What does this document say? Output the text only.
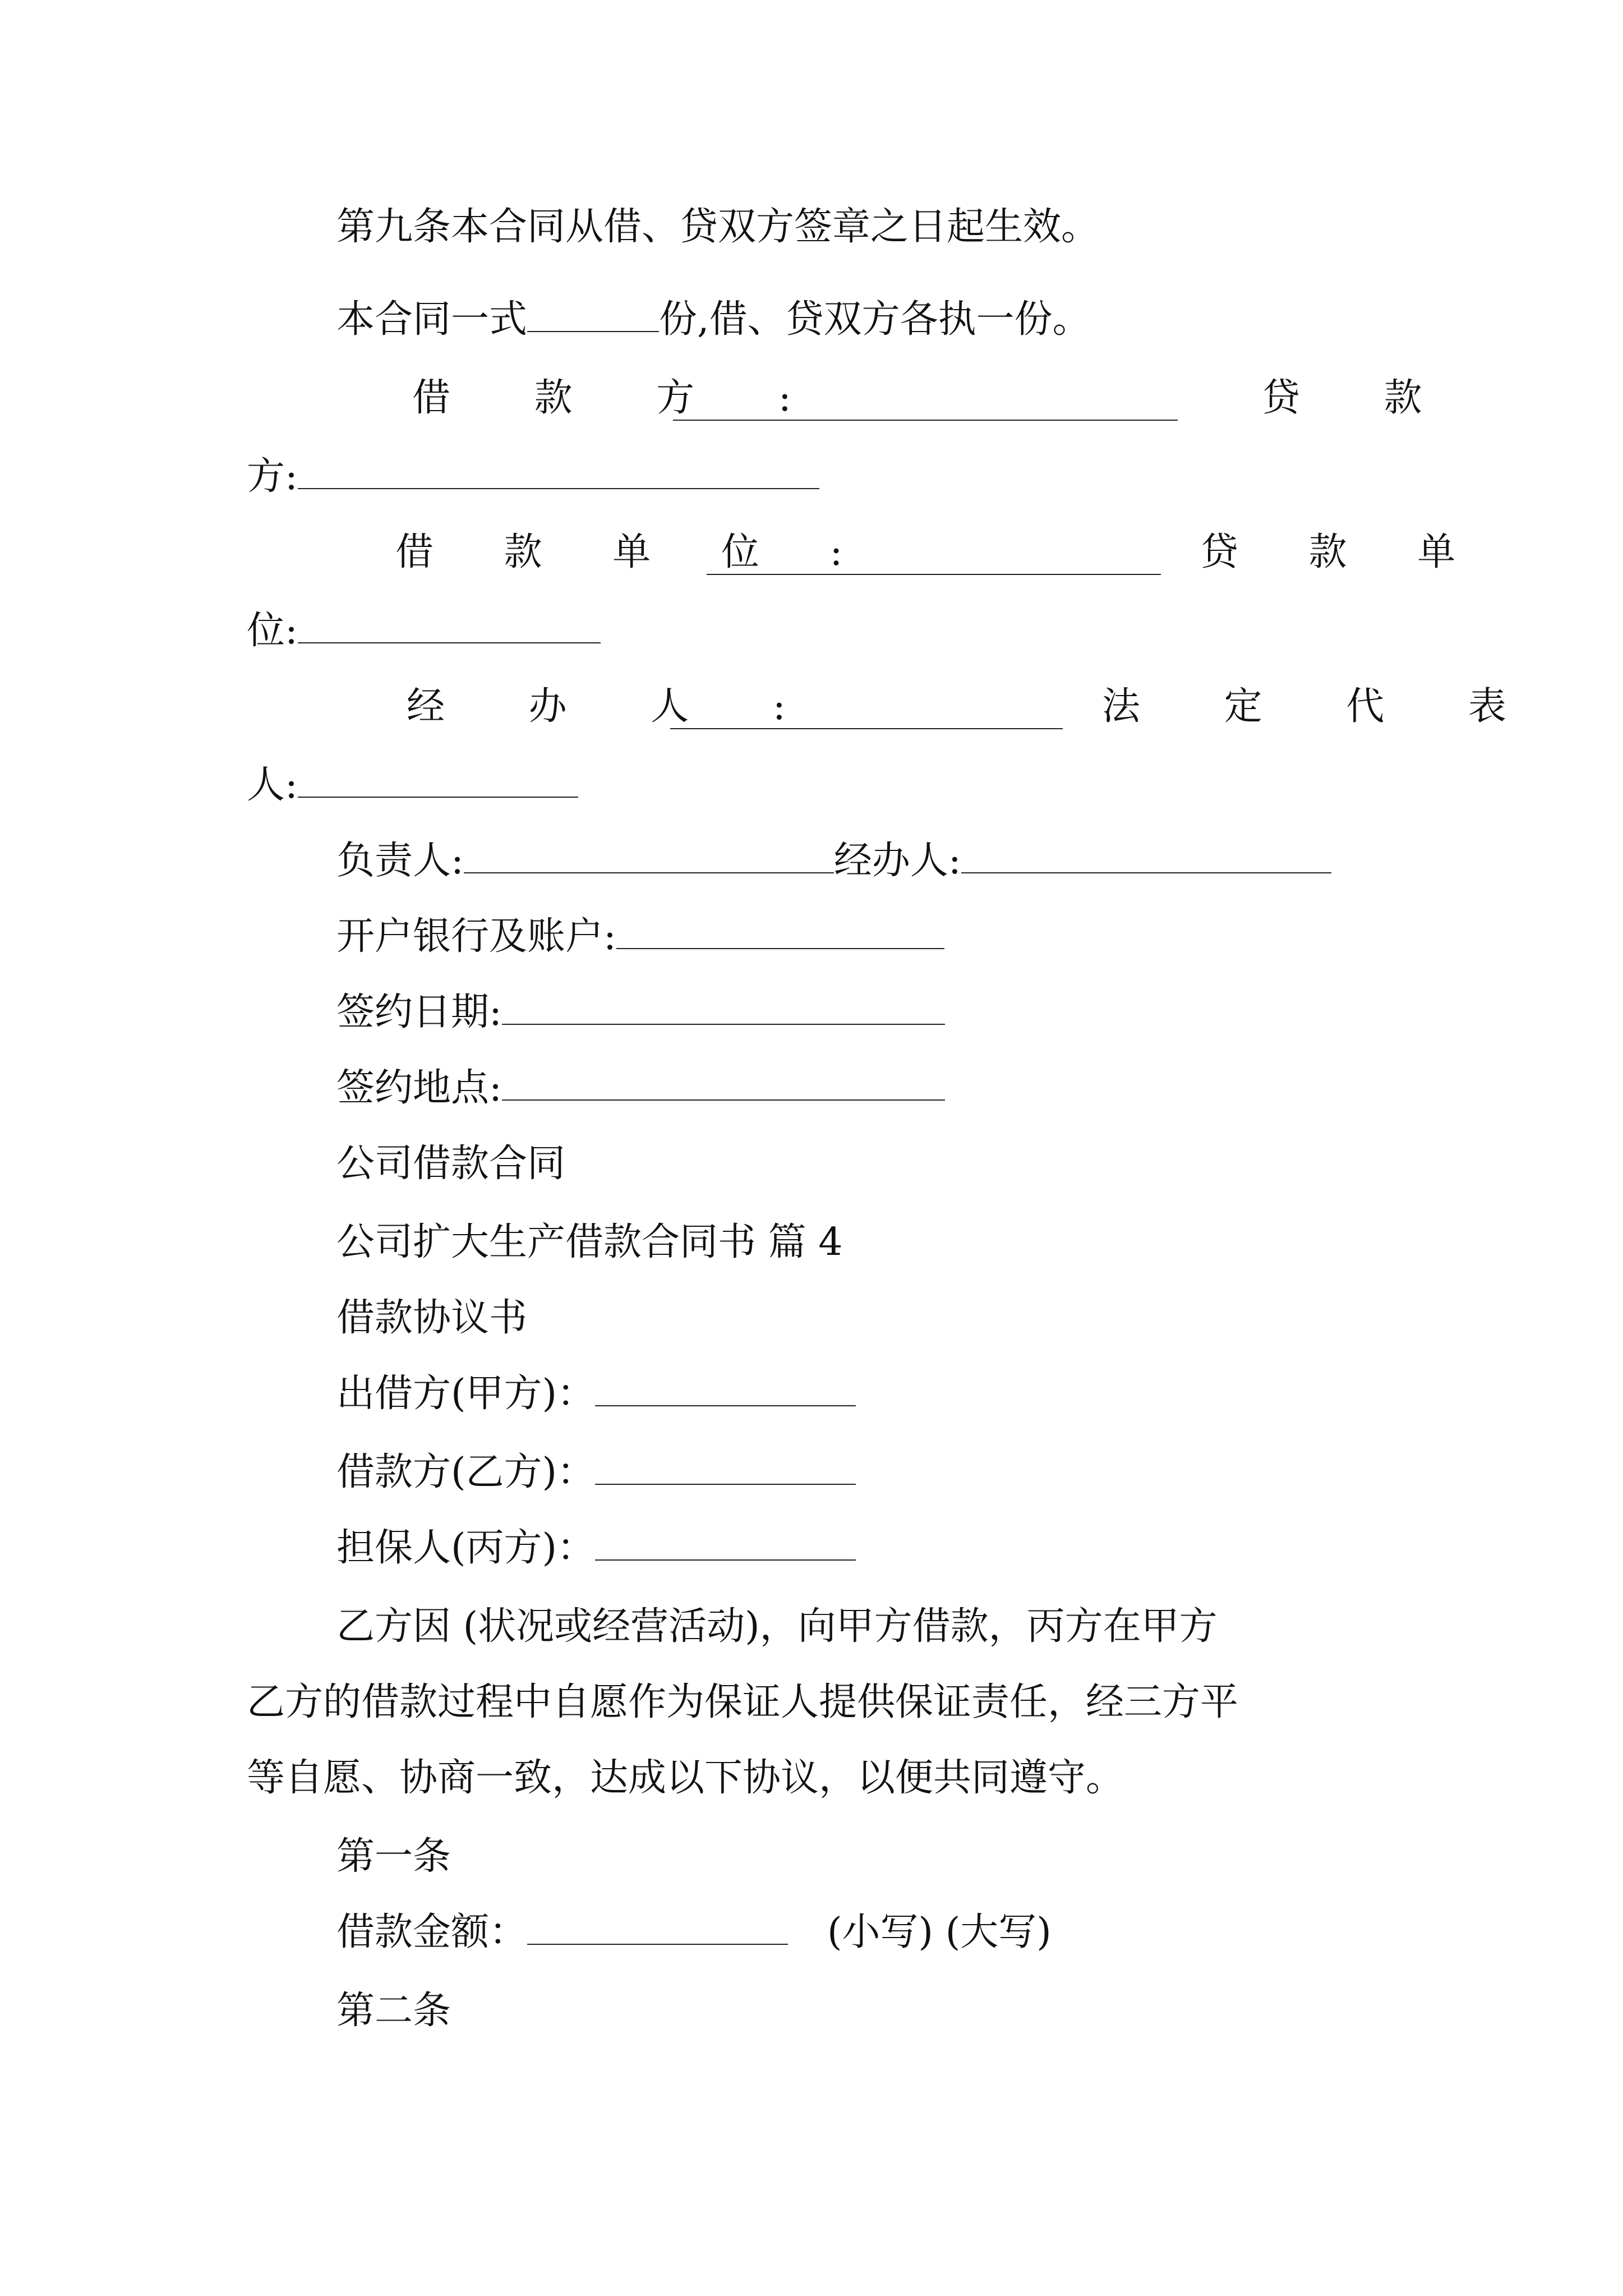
第九条本合同从借、贷双方签章之日起生效。
本合同一式	份,借、贷双方各执一份。
借 款 方 :	贷 款
方:
借 款 单 位 :	贷 款 单
位:
经 办 人 :	法 定 代 表
人:
负责人:	经办人:
开户银行及账户:
签约日期:
签约地点:
公司借款合同
公司扩大生产借款合同书 篇 4
借款协议书
出借方(甲方)：
借款方(乙方)：
担保人(丙方)：
乙方因 (状况或经营活动)，向甲方借款，丙方在甲方
乙方的借款过程中自愿作为保证人提供保证责任，经三方平
等自愿、协商一致，达成以下协议，以便共同遵守。
第一条
借款金额：	(小写) (大写)
第二条
